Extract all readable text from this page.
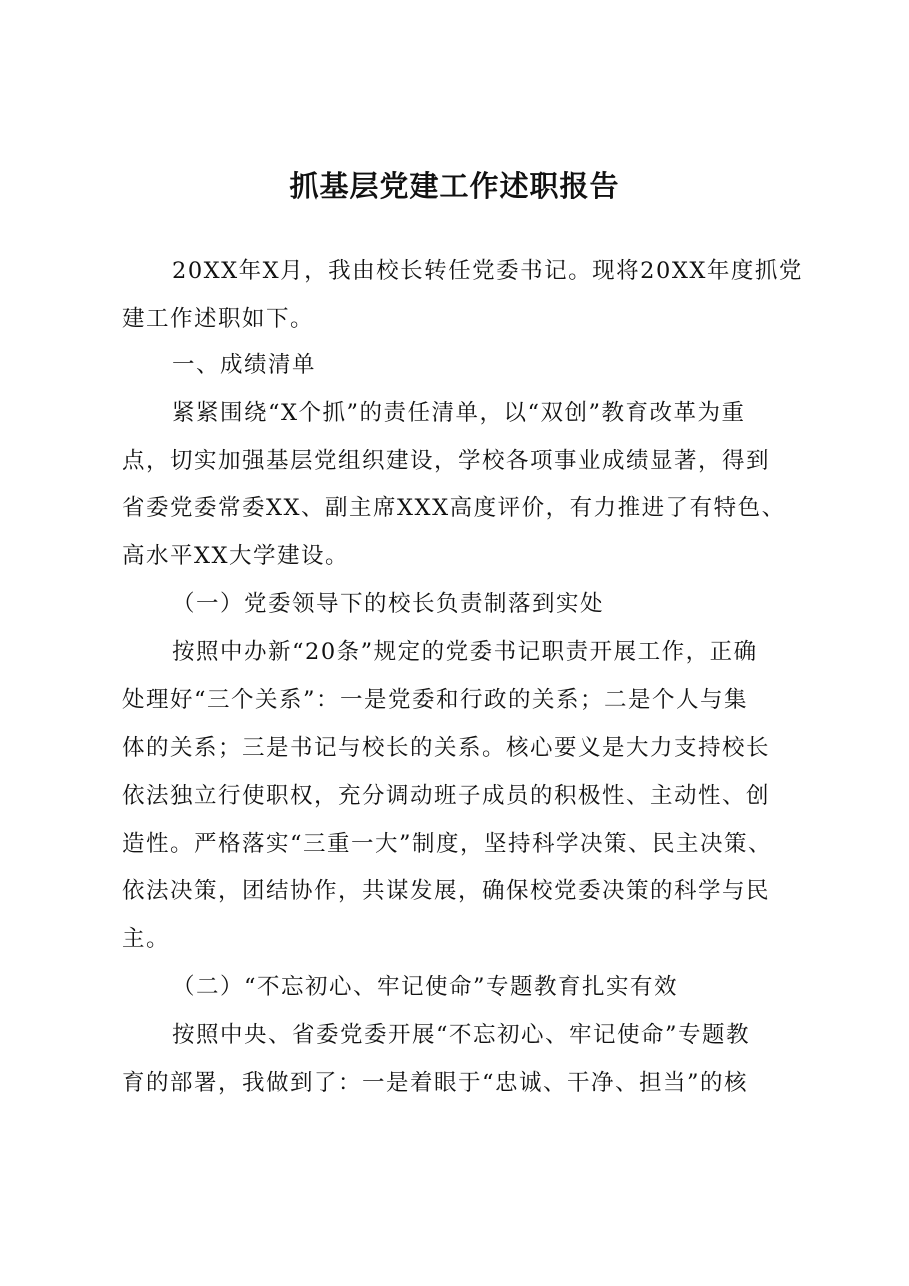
抓基层党建工作述职报告

20XX年X月，我由校长转任党委书记。现将20XX年度抓党

建工作述职如下。

一、成绩清单

紧紧围绕“X个抓”的责任清单，以“双创”教育改革为重

点，切实加强基层党组织建设，学校各项事业成绩显著，得到

省委党委常委XX、副主席XXX高度评价，有力推进了有特色、

高水平XX大学建设。

（一）党委领导下的校长负责制落到实处

按照中办新“20条”规定的党委书记职责开展工作，正确

处理好“三个关系”：一是党委和行政的关系；二是个人与集

体的关系；三是书记与校长的关系。核心要义是大力支持校长

依法独立行使职权，充分调动班子成员的积极性、主动性、创

造性。严格落实“三重一大”制度，坚持科学决策、民主决策、

依法决策，团结协作，共谋发展，确保校党委决策的科学与民

主。

（二）“不忘初心、牢记使命”专题教育扎实有效

按照中央、省委党委开展“不忘初心、牢记使命”专题教

育的部署，我做到了：一是着眼于“忠诚、干净、担当”的核
